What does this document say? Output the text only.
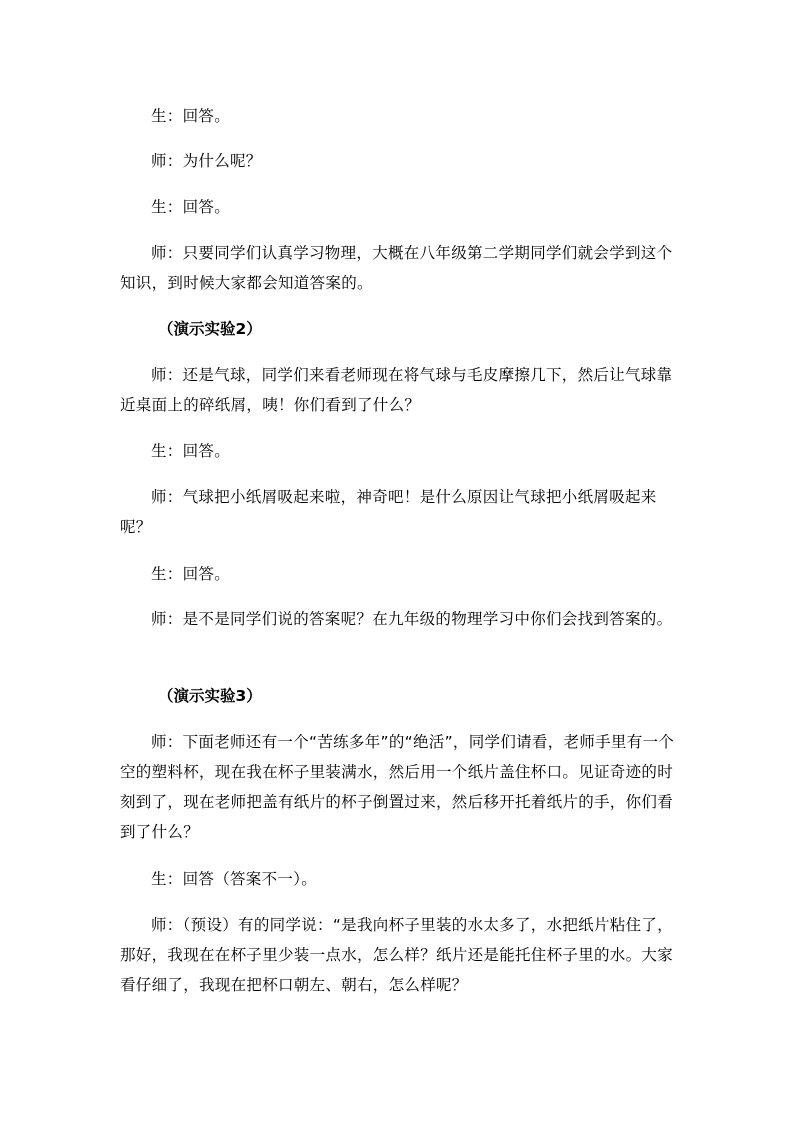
生：回答。

师：为什么呢？

生：回答。

师：只要同学们认真学习物理，大概在八年级第二学期同学们就会学到这个知识，到时候大家都会知道答案的。

（演示实验2）

师：还是气球，同学们来看老师现在将气球与毛皮摩擦几下，然后让气球靠近桌面上的碎纸屑，咦！你们看到了什么？

生：回答。

师：气球把小纸屑吸起来啦，神奇吧！是什么原因让气球把小纸屑吸起来呢？

生：回答。

师：是不是同学们说的答案呢？在九年级的物理学习中你们会找到答案的。

（演示实验3）

师：下面老师还有一个“苦练多年”的“绝活”，同学们请看，老师手里有一个空的塑料杯，现在我在杯子里装满水，然后用一个纸片盖住杯口。见证奇迹的时刻到了，现在老师把盖有纸片的杯子倒置过来，然后移开托着纸片的手，你们看到了什么？

生：回答（答案不一）。

师：（预设）有的同学说：“是我向杯子里装的水太多了，水把纸片粘住了，那好，我现在在杯子里少装一点水，怎么样？纸片还是能托住杯子里的水。大家看仔细了，我现在把杯口朝左、朝右，怎么样呢？
